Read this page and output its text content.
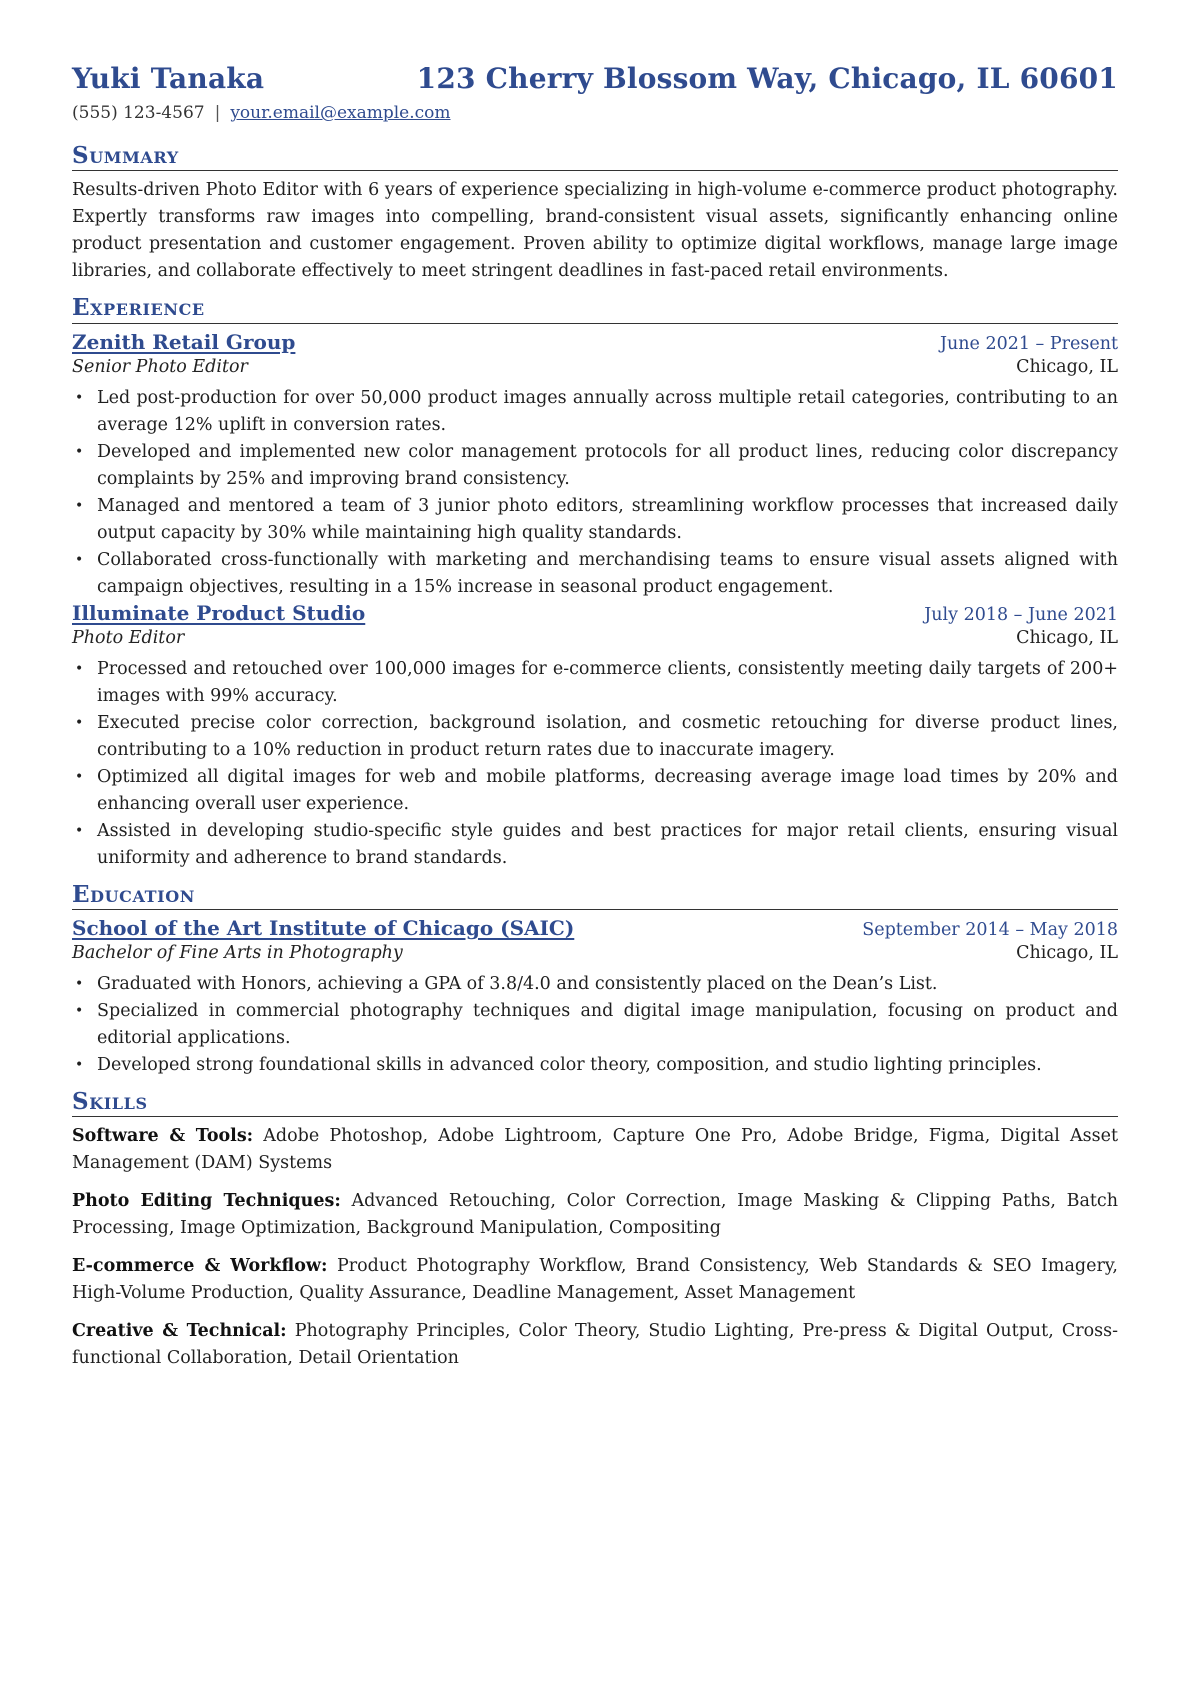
Yuki Tanaka	123 Cherry Blossom Way, Chicago, IL 60601
(555) 123-4567 | your.email@example.com
Summary

Results-driven Photo Editor with 6 years of experience specializing in high-volume e-commerce product photography. Expertly transforms raw images into compelling, brand-consistent visual assets, significantly enhancing online product presentation and customer engagement. Proven ability to optimize digital workflows, manage large image libraries, and collaborate effectively to meet stringent deadlines in fast-paced retail environments.

Experience
Zenith Retail Group	June 2021 – Present
Senior Photo Editor	Chicago, IL
• Led post-production for over 50,000 product images annually across multiple retail categories, contributing to an average 12% uplift in conversion rates.
• Developed and implemented new color management protocols for all product lines, reducing color discrepancy complaints by 25% and improving brand consistency.
• Managed and mentored a team of 3 junior photo editors, streamlining workflow processes that increased daily output capacity by 30% while maintaining high quality standards.
• Collaborated cross-functionally with marketing and merchandising teams to ensure visual assets aligned with campaign objectives, resulting in a 15% increase in seasonal product engagement.
Illuminate Product Studio	July 2018 – June 2021
Photo Editor	Chicago, IL
• Processed and retouched over 100,000 images for e-commerce clients, consistently meeting daily targets of 200+ images with 99% accuracy.
• Executed precise color correction, background isolation, and cosmetic retouching for diverse product lines, contributing to a 10% reduction in product return rates due to inaccurate imagery.
• Optimized all digital images for web and mobile platforms, decreasing average image load times by 20% and enhancing overall user experience.
• Assisted in developing studio-specific style guides and best practices for major retail clients, ensuring visual uniformity and adherence to brand standards.
Education
School of the Art Institute of Chicago (SAIC)	September 2014 – May 2018
Bachelor of Fine Arts in Photography	Chicago, IL
• Graduated with Honors, achieving a GPA of 3.8/4.0 and consistently placed on the Dean’s List.
• Specialized in commercial photography techniques and digital image manipulation, focusing on product and editorial applications.
• Developed strong foundational skills in advanced color theory, composition, and studio lighting principles.
Skills

Software & Tools: Adobe Photoshop, Adobe Lightroom, Capture One Pro, Adobe Bridge, Figma, Digital Asset Management (DAM) Systems

Photo Editing Techniques: Advanced Retouching, Color Correction, Image Masking & Clipping Paths, Batch Processing, Image Optimization, Background Manipulation, Compositing

E-commerce & Workflow: Product Photography Workflow, Brand Consistency, Web Standards & SEO Imagery, High-Volume Production, Quality Assurance, Deadline Management, Asset Management

Creative & Technical: Photography Principles, Color Theory, Studio Lighting, Pre-press & Digital Output, Cross-functional Collaboration, Detail Orientation
